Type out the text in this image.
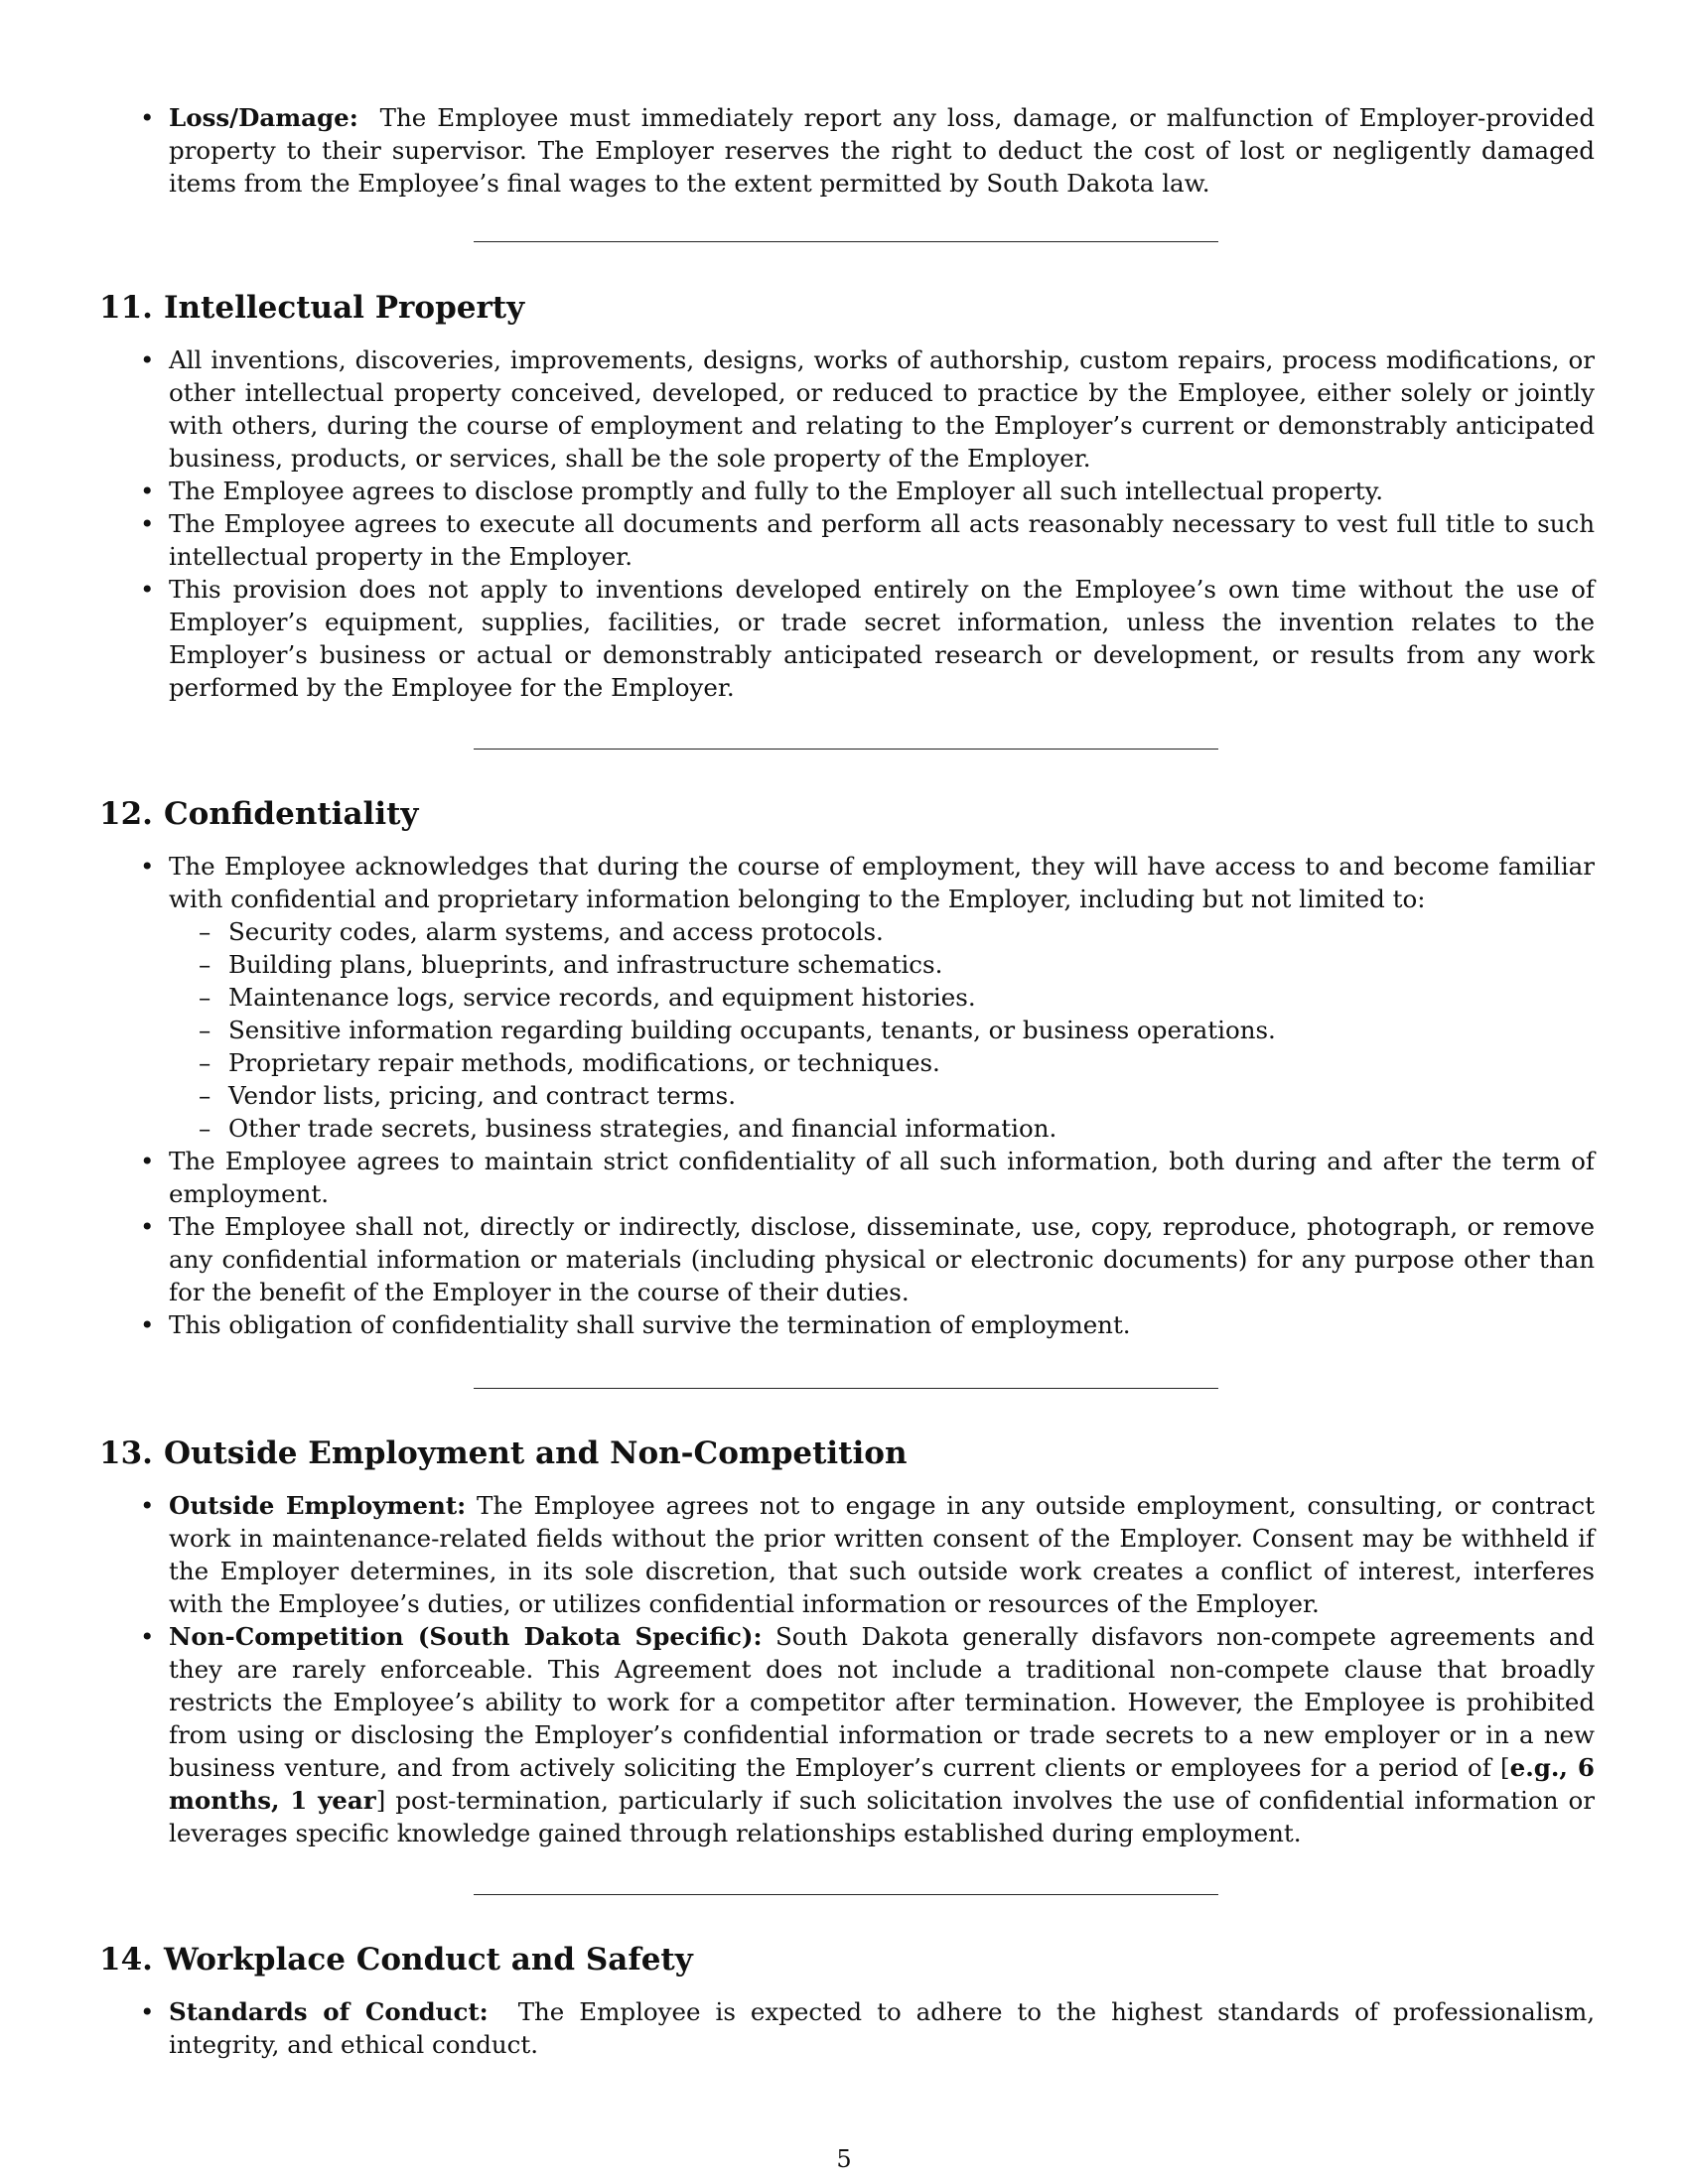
• Loss/Damage: The Employee must immediately report any loss, damage, or malfunction of Employer-provided property to their supervisor. The Employer reserves the right to deduct the cost of lost or negligently damaged items from the Employee’s final wages to the extent permitted by South Dakota law.
11. Intellectual Property
• All inventions, discoveries, improvements, designs, works of authorship, custom repairs, process modifications, or other intellectual property conceived, developed, or reduced to practice by the Employee, either solely or jointly with others, during the course of employment and relating to the Employer’s current or demonstrably anticipated business, products, or services, shall be the sole property of the Employer.
• The Employee agrees to disclose promptly and fully to the Employer all such intellectual property.
• The Employee agrees to execute all documents and perform all acts reasonably necessary to vest full title to such intellectual property in the Employer.
• This provision does not apply to inventions developed entirely on the Employee’s own time without the use of Employer’s equipment, supplies, facilities, or trade secret information, unless the invention relates to the Employer’s business or actual or demonstrably anticipated research or development, or results from any work performed by the Employee for the Employer.
12. Confidentiality
• The Employee acknowledges that during the course of employment, they will have access to and become familiar with confidential and proprietary information belonging to the Employer, including but not limited to:
– Security codes, alarm systems, and access protocols.
– Building plans, blueprints, and infrastructure schematics.
– Maintenance logs, service records, and equipment histories.
– Sensitive information regarding building occupants, tenants, or business operations.
– Proprietary repair methods, modifications, or techniques.
– Vendor lists, pricing, and contract terms.
– Other trade secrets, business strategies, and financial information.
• The Employee agrees to maintain strict confidentiality of all such information, both during and after the term of employment.
• The Employee shall not, directly or indirectly, disclose, disseminate, use, copy, reproduce, photograph, or remove any confidential information or materials (including physical or electronic documents) for any purpose other than for the benefit of the Employer in the course of their duties.
• This obligation of confidentiality shall survive the termination of employment.
13. Outside Employment and Non-Competition
• Outside Employment: The Employee agrees not to engage in any outside employment, consulting, or contract work in maintenance-related fields without the prior written consent of the Employer. Consent may be withheld if the Employer determines, in its sole discretion, that such outside work creates a conflict of interest, interferes with the Employee’s duties, or utilizes confidential information or resources of the Employer.
• Non-Competition (South Dakota Specific): South Dakota generally disfavors non-compete agreements and they are rarely enforceable. This Agreement does not include a traditional non-compete clause that broadly restricts the Employee’s ability to work for a competitor after termination. However, the Employee is prohibited from using or disclosing the Employer’s confidential information or trade secrets to a new employer or in a new business venture, and from actively soliciting the Employer’s current clients or employees for a period of [e.g., 6 months, 1 year] post-termination, particularly if such solicitation involves the use of confidential information or leverages specific knowledge gained through relationships established during employment.
14. Workplace Conduct and Safety
• Standards of Conduct: The Employee is expected to adhere to the highest standards of professionalism, integrity, and ethical conduct.
5
